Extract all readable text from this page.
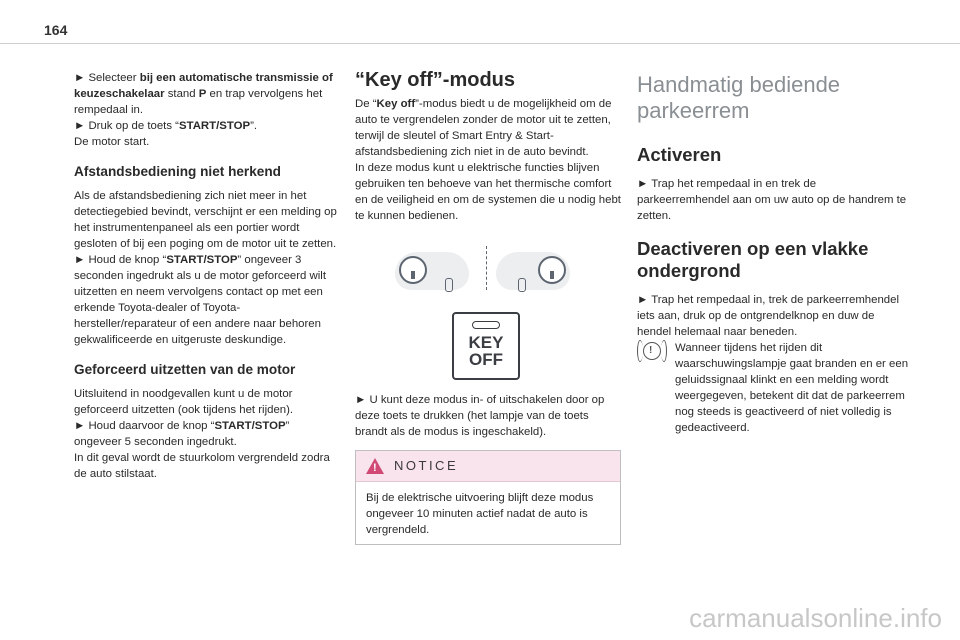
164

► Selecteer bij een automatische transmissie of keuzeschakelaar stand P en trap vervolgens het rempedaal in.

► Druk op de toets “START/STOP”.

De motor start.

Afstandsbediening niet herkend

Als de afstandsbediening zich niet meer in het detectiegebied bevindt, verschijnt er een melding op het instrumentenpaneel als een portier wordt gesloten of bij een poging om de motor uit te zetten.

► Houd de knop “START/STOP” ongeveer 3 seconden ingedrukt als u de motor geforceerd wilt uitzetten en neem vervolgens contact op met een erkende Toyota-dealer of Toyota-hersteller/reparateur of een andere naar behoren gekwalificeerde en uitgeruste deskundige.

Geforceerd uitzetten van de motor

Uitsluitend in noodgevallen kunt u de motor geforceerd uitzetten (ook tijdens het rijden).

► Houd daarvoor de knop “START/STOP” ongeveer 5 seconden ingedrukt.

In dit geval wordt de stuurkolom vergrendeld zodra de auto stilstaat.

“Key off”-modus

De “Key off”-modus biedt u de mogelijkheid om de auto te vergrendelen zonder de motor uit te zetten, terwijl de sleutel of Smart Entry & Start-afstandsbediening zich niet in de auto bevindt.

In deze modus kunt u elektrische functies blijven gebruiken ten behoeve van het thermische comfort en de veiligheid en om de systemen die u nodig hebt te kunnen bedienen.

KEY
OFF

► U kunt deze modus in- of uitschakelen door op deze toets te drukken (het lampje van de toets brandt als de modus is ingeschakeld).

!
NOTICE
Bij de elektrische uitvoering blijft deze modus ongeveer 10 minuten actief nadat de auto is vergrendeld.
Handmatig bediende parkeerrem
Activeren

► Trap het rempedaal in en trek de parkeerremhendel aan om uw auto op de handrem te zetten.

Deactiveren op een vlakke ondergrond

► Trap het rempedaal in, trek de parkeerremhendel iets aan, druk op de ontgrendelknop en duw de hendel helemaal naar beneden.

! Wanneer tijdens het rijden dit waarschuwingslampje gaat branden en er een geluidssignaal klinkt en een melding wordt weergegeven, betekent dit dat de parkeerrem nog steeds is geactiveerd of niet volledig is gedeactiveerd.

carmanualsonline.info
